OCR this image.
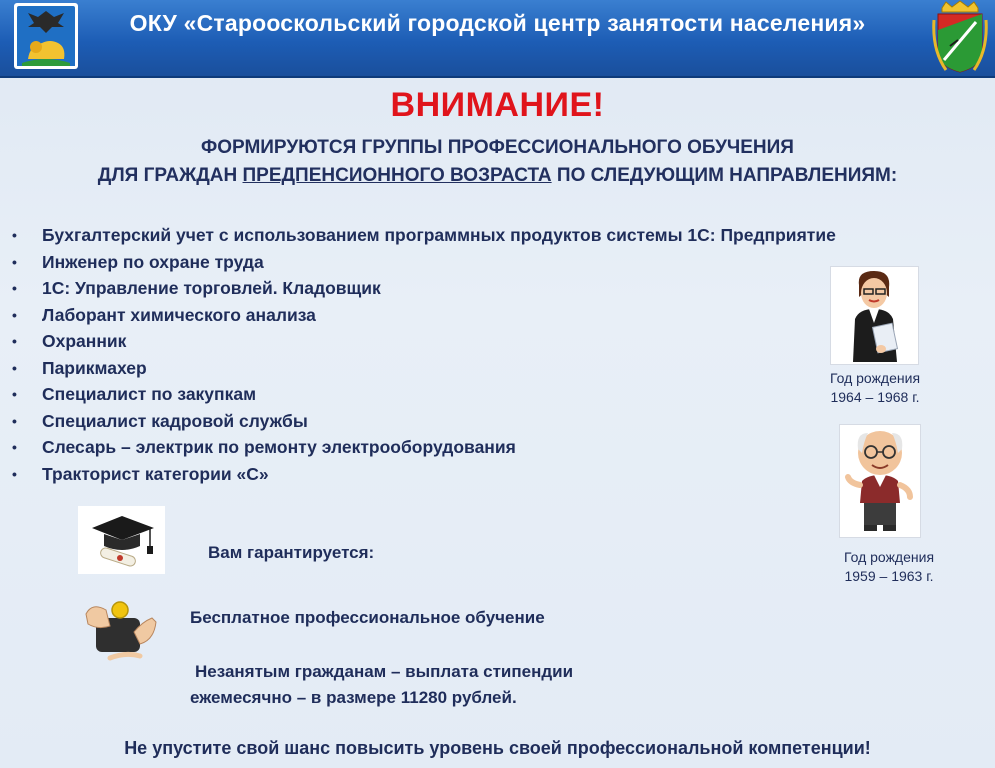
ОКУ «Старооскольский городской центр занятости населения»
ВНИМАНИЕ!
ФОРМИРУЮТСЯ ГРУППЫ ПРОФЕССИОНАЛЬНОГО ОБУЧЕНИЯ
ДЛЯ ГРАЖДАН ПРЕДПЕНСИОННОГО ВОЗРАСТА ПО СЛЕДУЮЩИМ НАПРАВЛЕНИЯМ:
•	Бухгалтерский учет с использованием программных продуктов системы 1С: Предприятие
•	Инженер по охране труда
•	1С: Управление торговлей. Кладовщик
•	Лаборант химического анализа
•	Охранник
•	Парикмахер
•	Специалист по закупкам
•	Специалист кадровой службы
•	Слесарь – электрик по ремонту электрооборудования
•	Тракторист категории «С»
Год рождения
1964 – 1968 г.
Год рождения
1959 – 1963 г.
Вам гарантируется:
Бесплатное профессиональное обучение
Незанятым гражданам – выплата стипендии
ежемесячно – в размере 11280 рублей.
Не упустите свой шанс повысить уровень своей профессиональной компетенции!
